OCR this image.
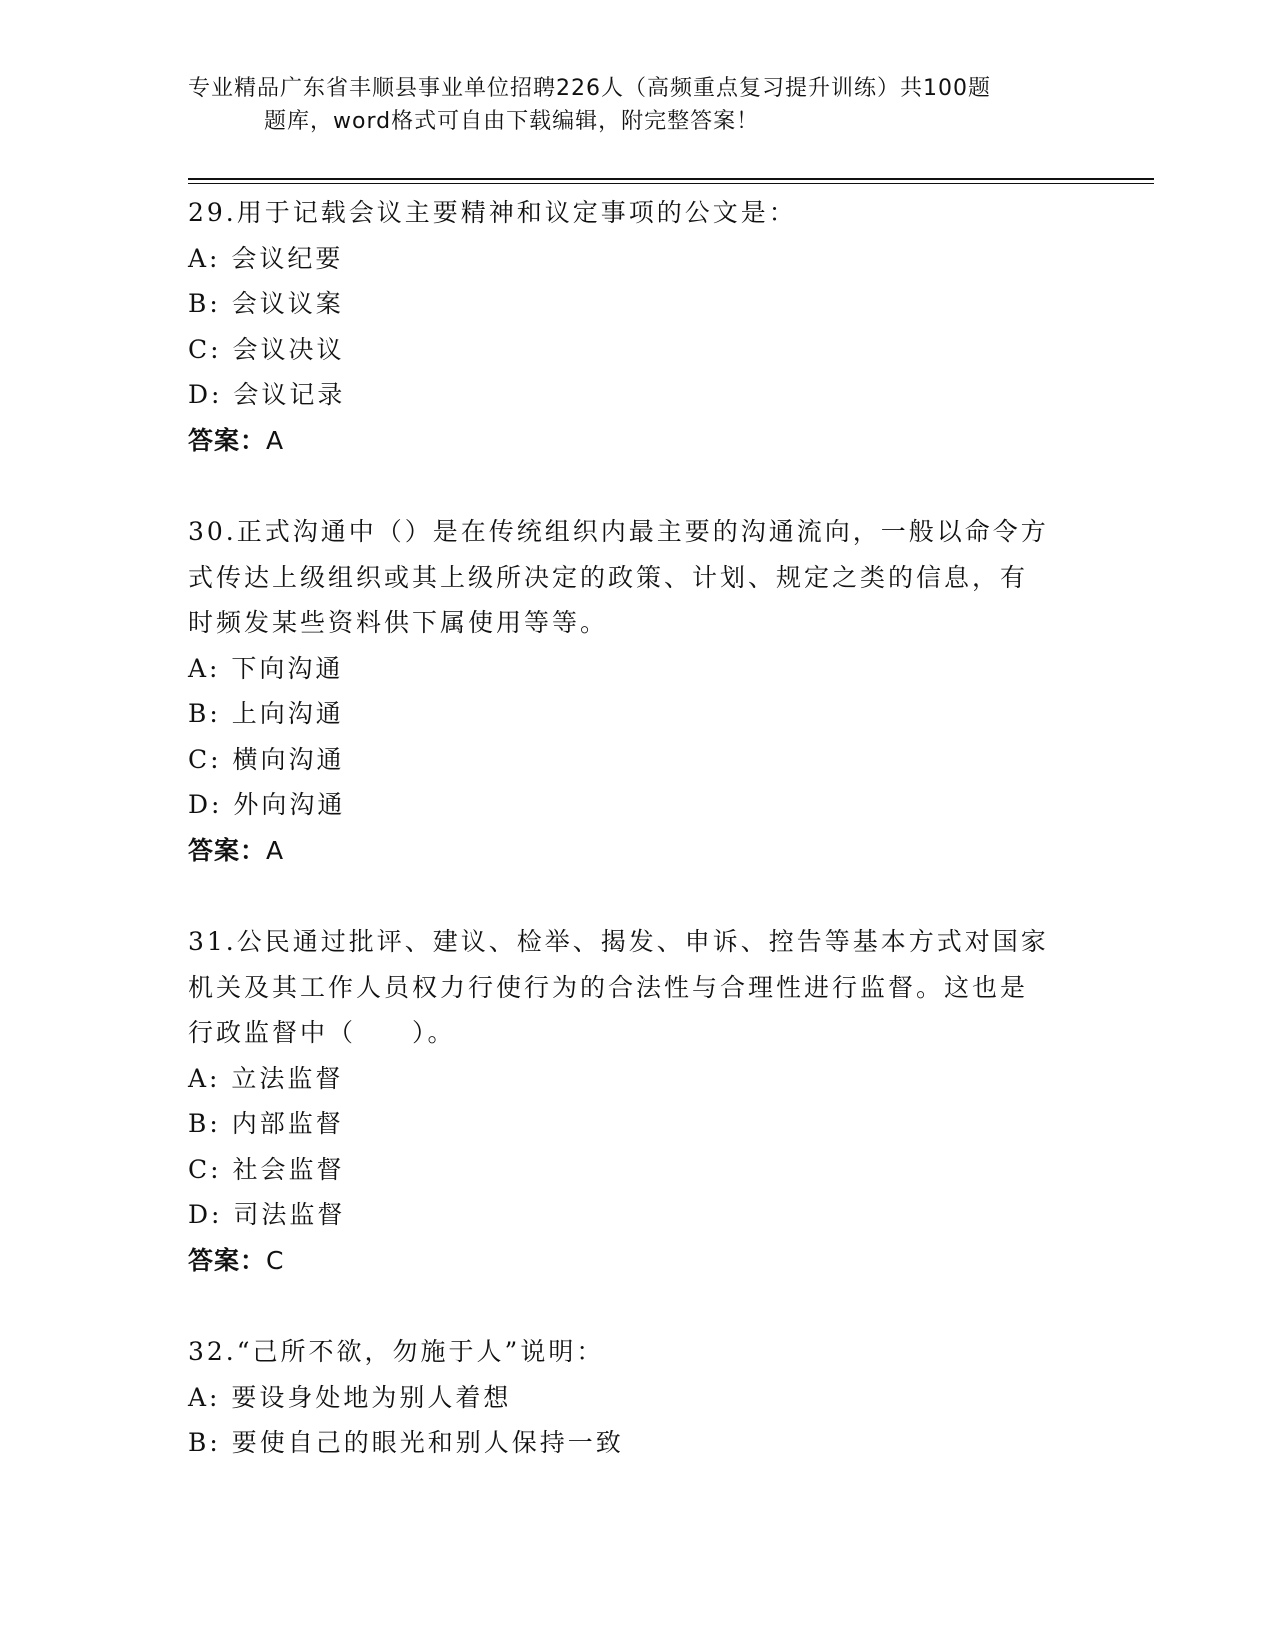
专业精品广东省丰顺县事业单位招聘226人（高频重点复习提升训练）共100题
题库，word格式可自由下载编辑，附完整答案！
29.用于记载会议主要精神和议定事项的公文是：
A: 会议纪要
B: 会议议案
C: 会议决议
D: 会议记录
答案：A
30.正式沟通中（）是在传统组织内最主要的沟通流向，一般以命令方
式传达上级组织或其上级所决定的政策、计划、规定之类的信息，有
时频发某些资料供下属使用等等。
A: 下向沟通
B: 上向沟通
C: 横向沟通
D: 外向沟通
答案：A
31.公民通过批评、建议、检举、揭发、申诉、控告等基本方式对国家
机关及其工作人员权力行使行为的合法性与合理性进行监督。这也是
行政监督中（　　）。
A: 立法监督
B: 内部监督
C: 社会监督
D: 司法监督
答案：C
32.“己所不欲，勿施于人”说明：
A: 要设身处地为别人着想
B: 要使自己的眼光和别人保持一致
